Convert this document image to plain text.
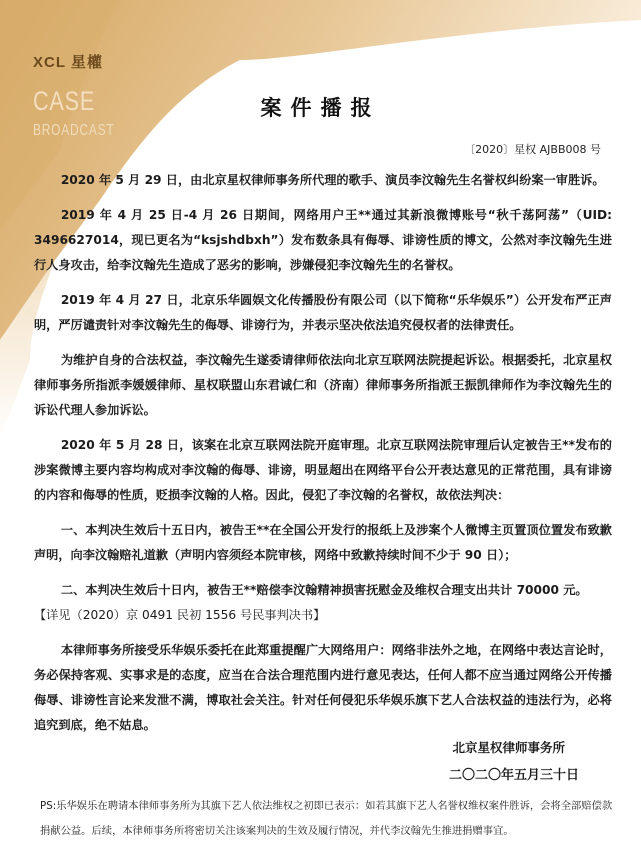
XCL 星權
CASE
BROADCAST
案件播报
〔2020〕星权 AJBB008 号

2020 年 5 月 29 日，由北京星权律师事务所代理的歌手、演员李汶翰先生名誉权纠纷案一审胜诉。

2019 年 4 月 25 日-4 月 26 日期间，网络用户王**通过其新浪微博账号“秋千荡阿荡”（UID: 3496627014，现已更名为“ksjshdbxh”）发布数条具有侮辱、诽谤性质的博文，公然对李汶翰先生进行人身攻击，给李汶翰先生造成了恶劣的影响，涉嫌侵犯李汶翰先生的名誉权。

2019 年 4 月 27 日，北京乐华圆娱文化传播股份有限公司（以下简称“乐华娱乐”）公开发布严正声明，严厉谴责针对李汶翰先生的侮辱、诽谤行为，并表示坚决依法追究侵权者的法律责任。

为维护自身的合法权益，李汶翰先生遂委请律师依法向北京互联网法院提起诉讼。根据委托，北京星权律师事务所指派李媛媛律师、星权联盟山东君诚仁和（济南）律师事务所指派王振凯律师作为李汶翰先生的诉讼代理人参加诉讼。

2020 年 5 月 28 日，该案在北京互联网法院开庭审理。北京互联网法院审理后认定被告王**发布的涉案微博主要内容均构成对李汶翰的侮辱、诽谤，明显超出在网络平台公开表达意见的正常范围，具有诽谤的内容和侮辱的性质，贬损李汶翰的人格。因此，侵犯了李汶翰的名誉权，故依法判决：

一、本判决生效后十五日内，被告王**在全国公开发行的报纸上及涉案个人微博主页置顶位置发布致歉声明，向李汶翰赔礼道歉（声明内容须经本院审核，网络中致歉持续时间不少于 90 日）；

二、本判决生效后十日内，被告王**赔偿李汶翰精神损害抚慰金及维权合理支出共计 70000 元。

【详见（2020）京 0491 民初 1556 号民事判决书】

本律师事务所接受乐华娱乐委托在此郑重提醒广大网络用户：网络非法外之地，在网络中表达言论时，务必保持客观、实事求是的态度，应当在合法合理范围内进行意见表达，任何人都不应当通过网络公开传播侮辱、诽谤性言论来发泄不满，博取社会关注。针对任何侵犯乐华娱乐旗下艺人合法权益的违法行为，必将追究到底，绝不姑息。

北京星权律师事务所
二〇二〇年五月三十日
PS:乐华娱乐在聘请本律师事务所为其旗下艺人依法维权之初即已表示：如若其旗下艺人名誉权维权案件胜诉，会将全部赔偿款捐献公益。后续，本律师事务所将密切关注该案判决的生效及履行情况，并代李汶翰先生推进捐赠事宜。
